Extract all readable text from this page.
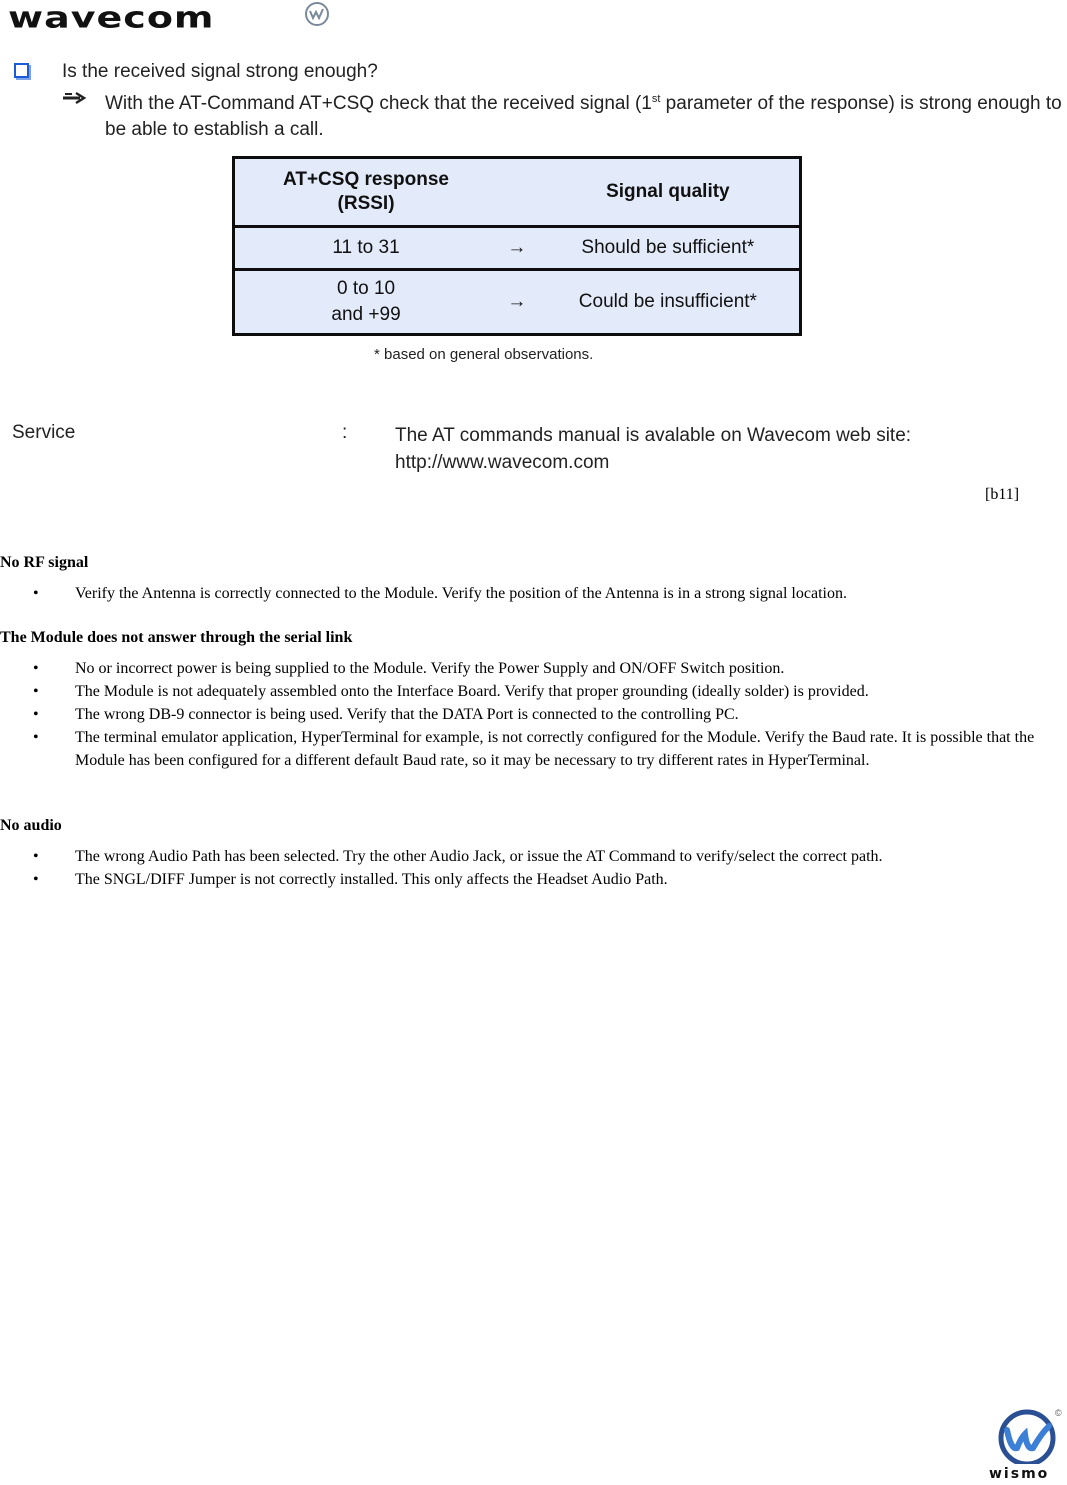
wavecom
Is the received signal strong enough?
With the AT-Command AT+CSQ check that the received signal (1st parameter of the response) is strong enough to be able to establish a call.
AT+CSQ response
(RSSI)		Signal quality
11 to 31	→	Should be sufficient*
0 to 10
and +99	→	Could be insufficient*
* based on general observations.
Service	:	The AT commands manual is avalable on Wavecom web site:
http://www.wavecom.com
[b11]
No RF signal
• Verify the Antenna is correctly connected to the Module. Verify the position of the Antenna is in a strong signal location.
The Module does not answer through the serial link
• No or incorrect power is being supplied to the Module. Verify the Power Supply and ON/OFF Switch position.
• The Module is not adequately assembled onto the Interface Board. Verify that proper grounding (ideally solder) is provided.
• The wrong DB-9 connector is being used. Verify that the DATA Port is connected to the controlling PC.
• The terminal emulator application, HyperTerminal for example, is not correctly configured for the Module. Verify the Baud rate. It is possible that the Module has been configured for a different default Baud rate, so it may be necessary to try different rates in HyperTerminal.
No audio
• The wrong Audio Path has been selected. Try the other Audio Jack, or issue the AT Command to verify/select the correct path.
• The SNGL/DIFF Jumper is not correctly installed. This only affects the Headset Audio Path.
©
wismo
